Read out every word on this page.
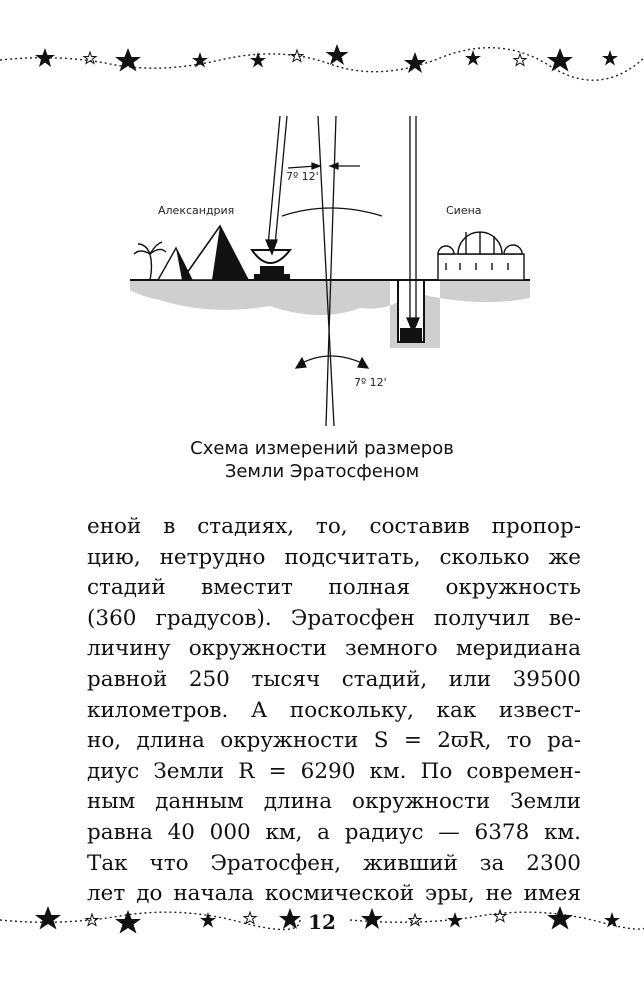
Александрия	Сиена
7º 12'
7º 12'
Схема измерений размеров
Земли Эратосфеном
еной в стадиях, то, составив пропор-
цию, нетрудно подсчитать, сколько же
стадий вместит полная окружность
(360 градусов). Эратосфен получил ве-
личину окружности земного меридиана
равной 250 тысяч стадий, или 39500
километров. А поскольку, как извест-
но, длина окружности S = 2ϖR, то ра-
диус Земли R = 6290 км. По современ-
ным данным длина окружности Земли
равна 40 000 км, а радиус — 6378 км.
Так что Эратосфен, живший за 2300
лет до начала космической эры, не имея
12
